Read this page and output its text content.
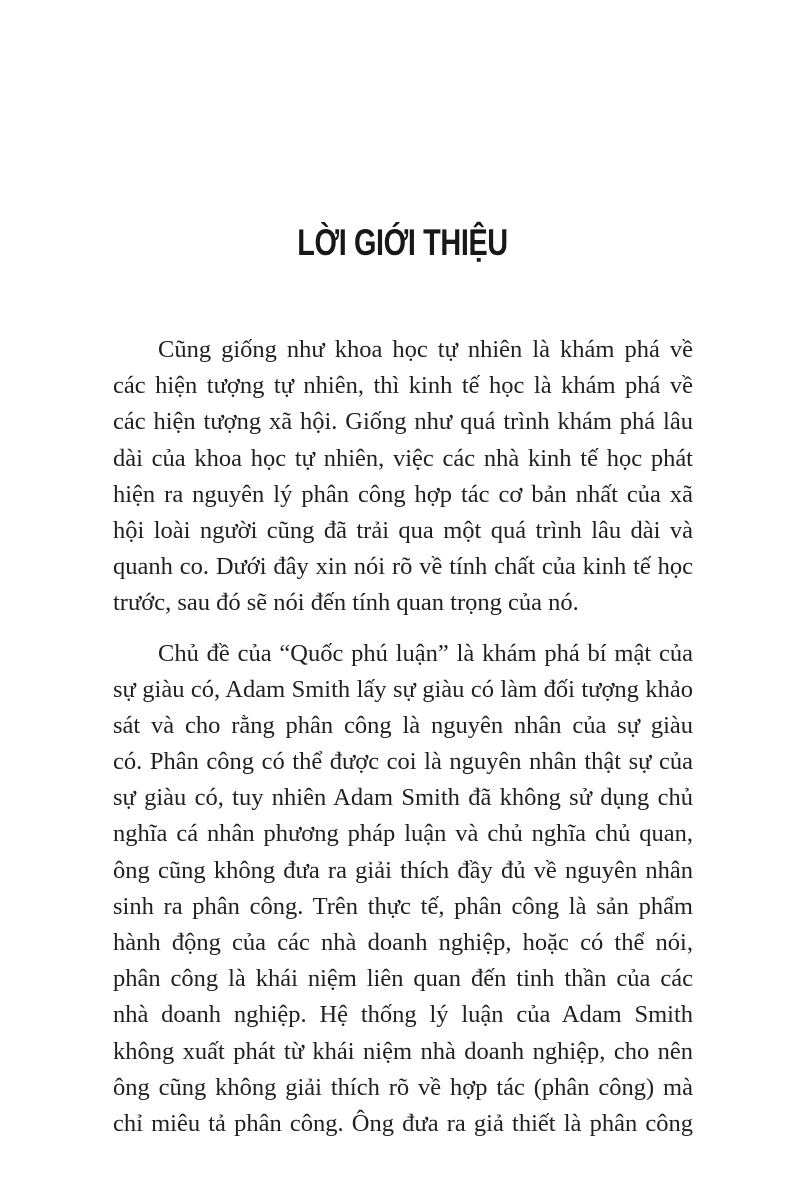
LỜI GIỚI THIỆU
Cũng giống như khoa học tự nhiên là khám phá về
các hiện tượng tự nhiên, thì kinh tế học là khám phá về
các hiện tượng xã hội. Giống như quá trình khám phá lâu
dài của khoa học tự nhiên, việc các nhà kinh tế học phát
hiện ra nguyên lý phân công hợp tác cơ bản nhất của xã
hội loài người cũng đã trải qua một quá trình lâu dài và
quanh co. Dưới đây xin nói rõ về tính chất của kinh tế học
trước, sau đó sẽ nói đến tính quan trọng của nó.
Chủ đề của “Quốc phú luận” là khám phá bí mật của
sự giàu có, Adam Smith lấy sự giàu có làm đối tượng khảo
sát và cho rằng phân công là nguyên nhân của sự giàu
có. Phân công có thể được coi là nguyên nhân thật sự của
sự giàu có, tuy nhiên Adam Smith đã không sử dụng chủ
nghĩa cá nhân phương pháp luận và chủ nghĩa chủ quan,
ông cũng không đưa ra giải thích đầy đủ về nguyên nhân
sinh ra phân công. Trên thực tế, phân công là sản phẩm
hành động của các nhà doanh nghiệp, hoặc có thể nói,
phân công là khái niệm liên quan đến tinh thần của các
nhà doanh nghiệp. Hệ thống lý luận của Adam Smith
không xuất phát từ khái niệm nhà doanh nghiệp, cho nên
ông cũng không giải thích rõ về hợp tác (phân công) mà
chỉ miêu tả phân công. Ông đưa ra giả thiết là phân công
